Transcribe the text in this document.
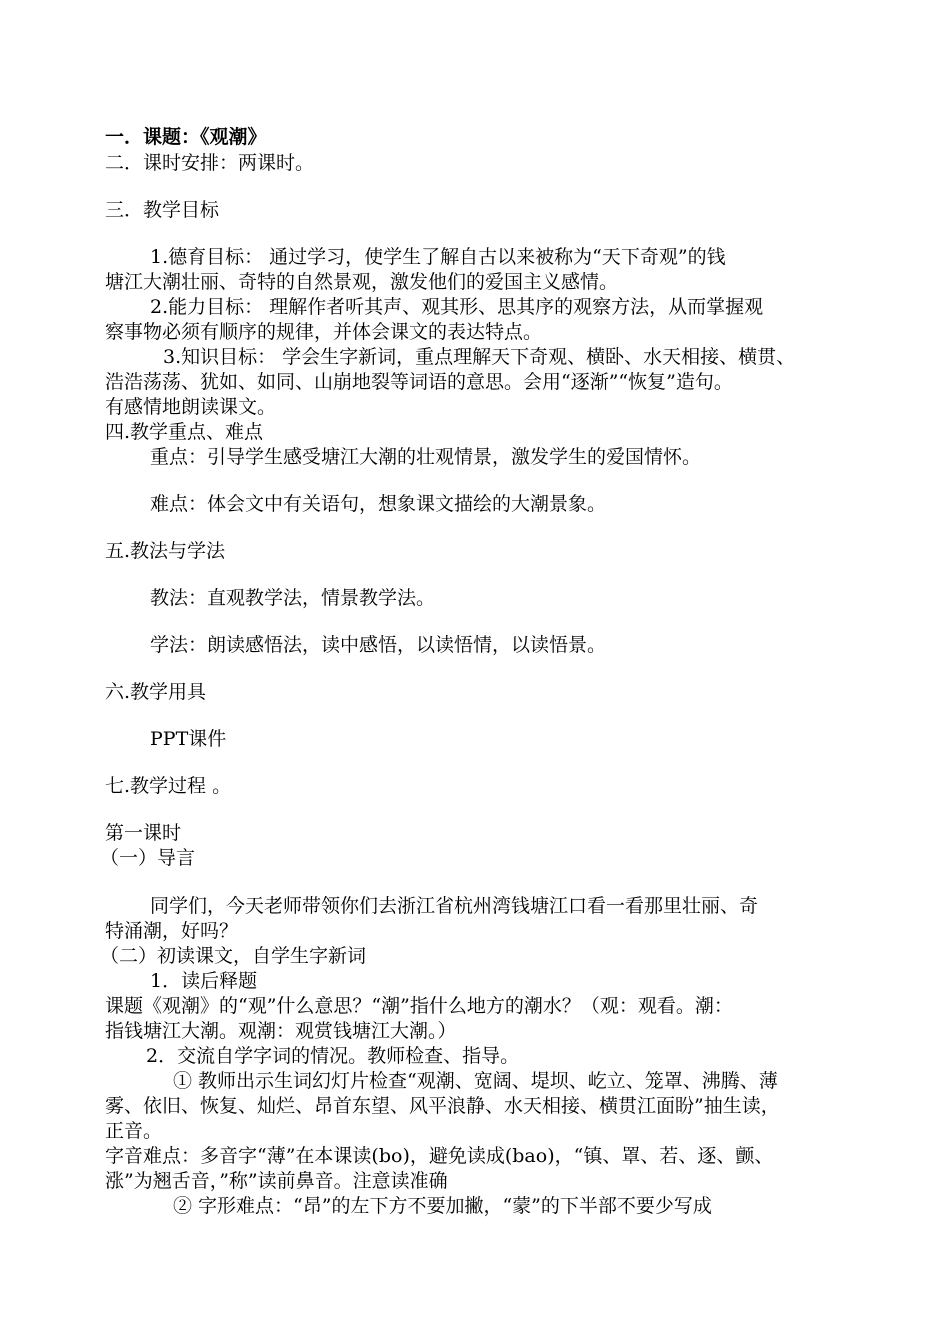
一．课题：《观潮》
二．课时安排：两课时。
三．教学目标
1.德育目标： 通过学习，使学生了解自古以来被称为“天下奇观”的钱
塘江大潮壮丽、奇特的自然景观，激发他们的爱国主义感情。
2.能力目标： 理解作者听其声、观其形、思其序的观察方法，从而掌握观
察事物必须有顺序的规律，并体会课文的表达特点。
3.知识目标： 学会生字新词，重点理解天下奇观、横卧、水天相接、横贯、
浩浩荡荡、犹如、如同、山崩地裂等词语的意思。会用“逐渐”“恢复”造句。
有感情地朗读课文。
四.教学重点、难点
重点：引导学生感受塘江大潮的壮观情景，激发学生的爱国情怀。
难点：体会文中有关语句，想象课文描绘的大潮景象。
五.教法与学法
教法：直观教学法，情景教学法。
学法：朗读感悟法，读中感悟，以读悟情，以读悟景。
六.教学用具
PPT课件
七.教学过程 。
第一课时
（一）导言
同学们，今天老师带领你们去浙江省杭州湾钱塘江口看一看那里壮丽、奇
特涌潮，好吗？
（二）初读课文，自学生字新词
1．读后释题
课题《观潮》的“观”什么意思？“潮”指什么地方的潮水？（观：观看。潮：
指钱塘江大潮。观潮：观赏钱塘江大潮。）
2．交流自学字词的情况。教师检查、指导。
① 教师出示生词幻灯片检查“观潮、宽阔、堤坝、屹立、笼罩、沸腾、薄
雾、依旧、恢复、灿烂、昂首东望、风平浪静、水天相接、横贯江面盼”抽生读，
正音。
字音难点：多音字“薄”在本课读(bo)，避免读成(bao)，“镇、罩、若、逐、颤、
涨”为翘舌音，”称”读前鼻音。注意读准确
② 字形难点：“昂”的左下方不要加撇，“蒙”的下半部不要少写成
